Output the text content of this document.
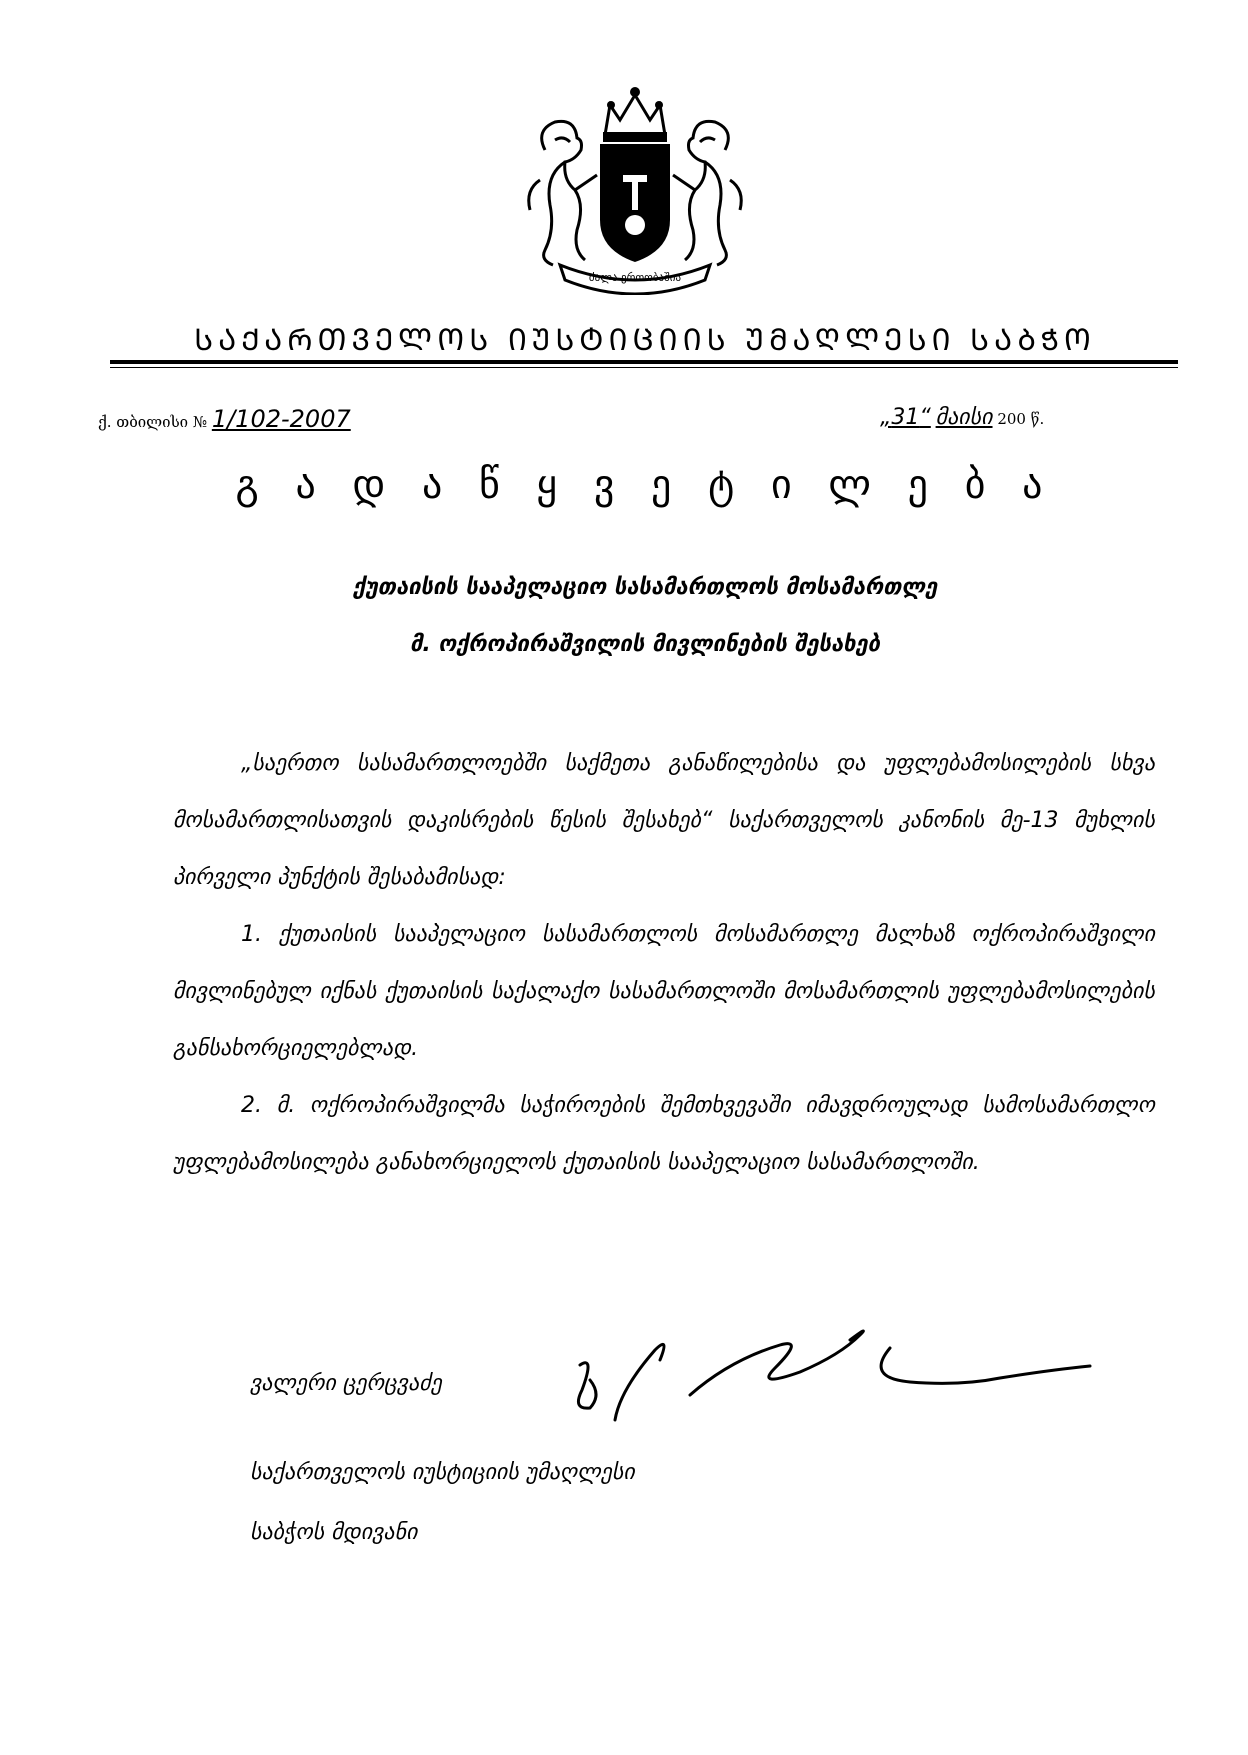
ძალა ერთობაშია
ᲡᲐᲥᲐᲠᲗᲕᲔᲚᲝᲡ ᲘᲣᲡᲢᲘᲪᲘᲘᲡ ᲣᲛᲐᲦᲚᲔᲡᲘ ᲡᲐᲑᲭᲝ
ქ. თბილისი № 1/102-2007	„31“ მაისი 200 წ.
გ ა დ ა წ ყ ვ ე ტ ი ლ ე ბ ა
ქუთაისის სააპელაციო სასამართლოს მოსამართლე
მ. ოქროპირაშვილის მივლინების შესახებ

„საერთო სასამართლოებში საქმეთა განაწილებისა და უფლებამოსილების სხვა მოსამართლისათვის დაკისრების წესის შესახებ“ საქართველოს კანონის მე-13 მუხლის პირველი პუნქტის შესაბამისად:

1. ქუთაისის სააპელაციო სასამართლოს მოსამართლე მალხაზ ოქროპირაშვილი მივლინებულ იქნას ქუთაისის საქალაქო სასამართლოში მოსამართლის უფლებამოსილების განსახორციელებლად.

2. მ. ოქროპირაშვილმა საჭიროების შემთხვევაში იმავდროულად სამოსამართლო უფლებამოსილება განახორციელოს ქუთაისის სააპელაციო სასამართლოში.

ვალერი ცერცვაძე
საქართველოს იუსტიციის უმაღლესი
საბჭოს მდივანი
